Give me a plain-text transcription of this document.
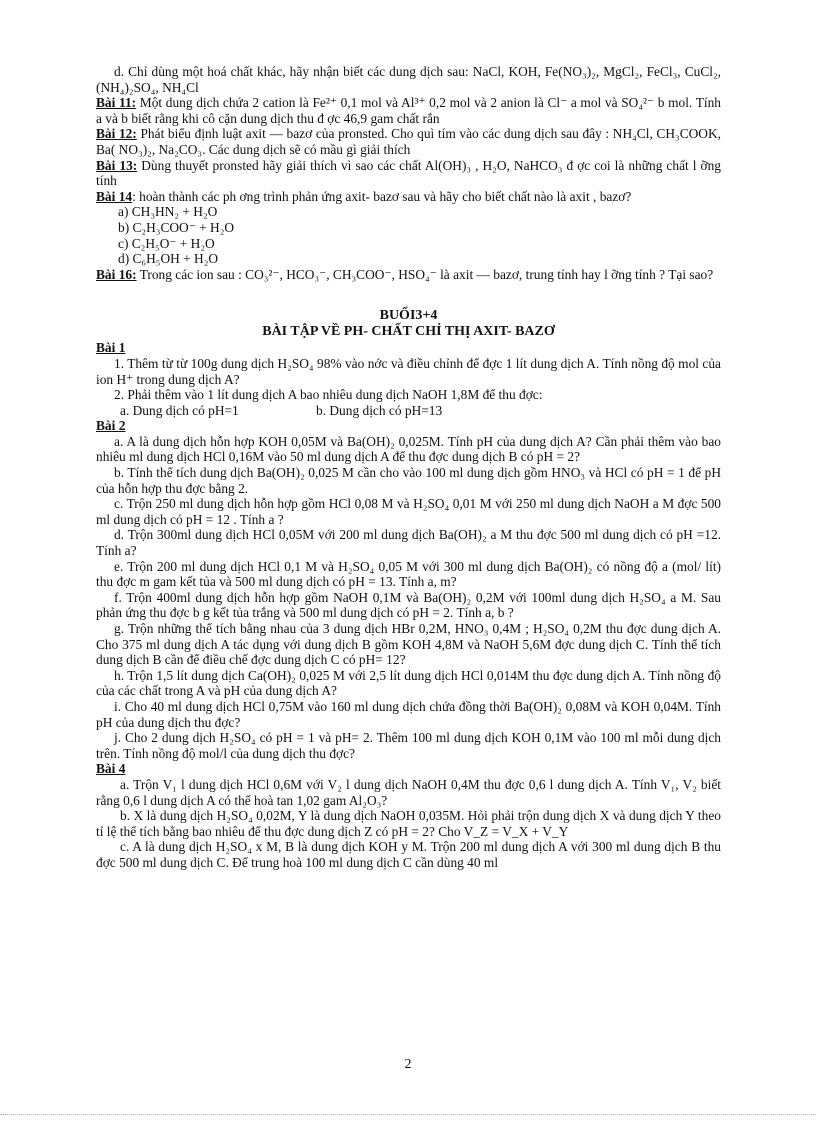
d. Chỉ dùng một hoá chất khác, hãy nhận biết các dung dịch sau: NaCl, KOH, Fe(NO₃)₂, MgCl₂, FeCl₃, CuCl₂, (NH₄)₂SO₄, NH₄Cl

Bài 11: Một dung dịch chứa 2 cation là Fe²⁺ 0,1 mol và Al³⁺ 0,2 mol và 2 anion là Cl⁻ a mol và SO₄²⁻ b mol. Tính a và b biết rằng khi cô cặn dung dịch thu đ ợc 46,9 gam chất rắn

Bài 12: Phát biểu định luật axit — bazơ của pronsted. Cho quì tím vào các dung dịch sau đây : NH₄Cl, CH₃COOK, Ba( NO₃)₂, Na₂CO₃. Các dung dịch sẽ có mầu gì giải thích

Bài 13: Dùng thuyết pronsted hãy giải thích vì sao các chất Al(OH)₃ , H₂O, NaHCO₃ đ ợc coi là những chất l ỡng tính

Bài 14: hoàn thành các ph ơng trình phản ứng axit- bazơ sau và hãy cho biết chất nào là axit , bazơ?

a) CH₃HN₂ + H₂O

b) C₂H₃COO⁻ + H₂O

c) C₂H₅O⁻ + H₂O

d) C₆H₅OH + H₂O

Bài 16: Trong các ion sau : CO₃²⁻, HCO₃⁻, CH₃COO⁻, HSO₄⁻ là axit — bazơ, trung tính hay l ỡng tính ? Tại sao?

BUỔI3+4

BÀI TẬP VỀ PH- CHẤT CHỈ THỊ AXIT- BAZƠ

Bài 1

1. Thêm từ từ 100g dung dịch H₂SO₄ 98% vào nớc và điều chỉnh để đợc 1 lít dung dịch A. Tính nồng độ mol của ion H⁺ trong dung dịch A?

2. Phải thêm vào 1 lít dung dịch A bao nhiêu dung dịch NaOH 1,8M để thu đợc:

a. Dung dịch có pH=1	b. Dung dịch có pH=13

Bài 2

a. A là dung dịch hỗn hợp KOH 0,05M và Ba(OH)₂ 0,025M. Tính pH của dung dịch A? Cần phải thêm vào bao nhiêu ml dung dịch HCl 0,16M vào 50 ml dung dịch A để thu đợc dung dịch B có pH = 2?

b. Tính thể tích dung dịch Ba(OH)₂ 0,025 M cần cho vào 100 ml dung dịch gồm HNO₃ và HCl có pH = 1 để pH của hỗn hợp thu đợc bằng 2.

c. Trộn 250 ml dung dịch hỗn hợp gồm HCl 0,08 M và H₂SO₄ 0,01 M với 250 ml dung dịch NaOH a M đợc 500 ml dung dịch có pH = 12 . Tính a ?

d. Trộn 300ml dung dịch HCl 0,05M với 200 ml dung dịch Ba(OH)₂ a M thu đợc 500 ml dung dịch có pH =12. Tính a?

e. Trộn 200 ml dung dịch HCl 0,1 M và H₂SO₄ 0,05 M với 300 ml dung dịch Ba(OH)₂ có nồng độ a (mol/ lít) thu đợc m gam kết tủa và 500 ml dung dịch có pH = 13. Tính a, m?

f. Trộn 400ml dung dịch hỗn hợp gồm NaOH 0,1M và Ba(OH)₂ 0,2M với 100ml dung dịch H₂SO₄ a M. Sau phản ứng thu đợc b g kết tủa trắng và 500 ml dung dịch có pH = 2. Tính a, b ?

g. Trộn những thể tích bằng nhau của 3 dung dịch HBr 0,2M, HNO₃ 0,4M ; H₂SO₄ 0,2M thu đợc dung dịch A. Cho 375 ml dung dịch A tác dụng với dung dịch B gồm KOH 4,8M và NaOH 5,6M đợc dung dịch C. Tính thể tích dung dịch B cần để điều chế đợc dung dịch C có pH= 12?

h. Trộn 1,5 lít dung dịch Ca(OH)₂ 0,025 M với 2,5 lít dung dịch HCl 0,014M thu đợc dung dịch A. Tính nồng độ của các chất trong A và pH của dung dịch A?

i. Cho 40 ml dung dịch HCl 0,75M vào 160 ml dung dịch chứa đồng thời Ba(OH)₂ 0,08M và KOH 0,04M. Tính pH của dung dịch thu đợc?

j. Cho 2 dung dịch H₂SO₄ có pH = 1 và pH= 2. Thêm 100 ml dung dịch KOH 0,1M vào 100 ml mỗi dung dịch trên. Tính nồng độ mol/l của dung dịch thu đợc?

Bài 4

a. Trộn V₁ l dung dịch HCl 0,6M với V₂ l dung dịch NaOH 0,4M thu đợc 0,6 l dung dịch A. Tính V₁, V₂ biết rằng 0,6 l dung dịch A có thể hoà tan 1,02 gam Al₂O₃?

b. X là dung dịch H₂SO₄ 0,02M, Y là dung dịch NaOH 0,035M. Hỏi phải trộn dung dịch X và dung dịch Y theo tỉ lệ thể tích bằng bao nhiêu để thu đợc dung dịch Z có pH = 2? Cho V_Z = V_X + V_Y

c. A là dung dịch H₂SO₄ x M, B là dung dịch KOH y M. Trộn 200 ml dung dịch A với 300 ml dung dịch B thu đợc 500 ml dung dịch C. Để trung hoà 100 ml dung dịch C cần dùng 40 ml

2
